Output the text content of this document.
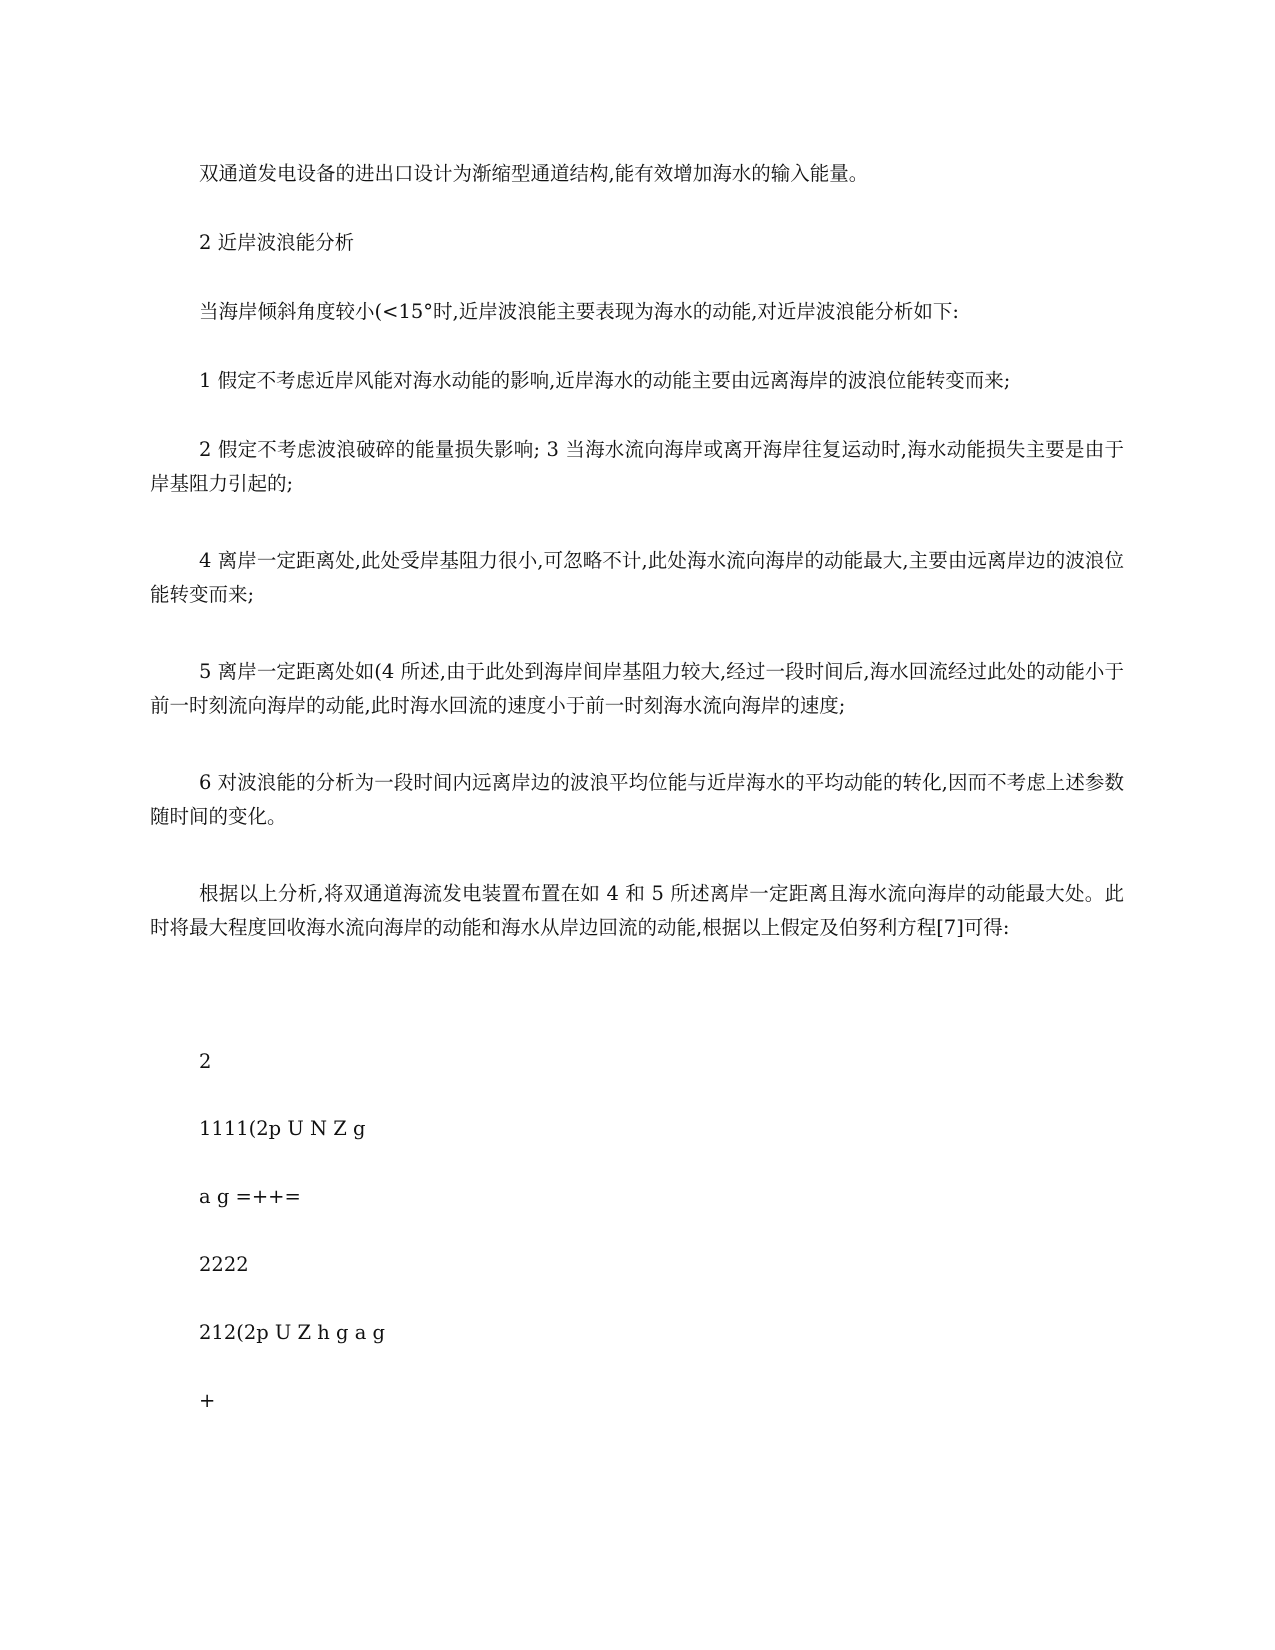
双通道发电设备的进出口设计为渐缩型通道结构,能有效增加海水的输入能量。

2 近岸波浪能分析

当海岸倾斜角度较小(<15°时,近岸波浪能主要表现为海水的动能,对近岸波浪能分析如下:

1 假定不考虑近岸风能对海水动能的影响,近岸海水的动能主要由远离海岸的波浪位能转变而来;

2 假定不考虑波浪破碎的能量损失影响; 3 当海水流向海岸或离开海岸往复运动时,海水动能损失主要是由于岸基阻力引起的;

4 离岸一定距离处,此处受岸基阻力很小,可忽略不计,此处海水流向海岸的动能最大,主要由远离岸边的波浪位能转变而来;

5 离岸一定距离处如(4 所述,由于此处到海岸间岸基阻力较大,经过一段时间后,海水回流经过此处的动能小于前一时刻流向海岸的动能,此时海水回流的速度小于前一时刻海水流向海岸的速度;

6 对波浪能的分析为一段时间内远离岸边的波浪平均位能与近岸海水的平均动能的转化,因而不考虑上述参数随时间的变化。

根据以上分析,将双通道海流发电装置布置在如 4 和 5 所述离岸一定距离且海水流向海岸的动能最大处。此时将最大程度回收海水流向海岸的动能和海水从岸边回流的动能,根据以上假定及伯努利方程[7]可得:

2

1111(2p U N Z g

a g =++=

2222

212(2p U Z h g a g

+
